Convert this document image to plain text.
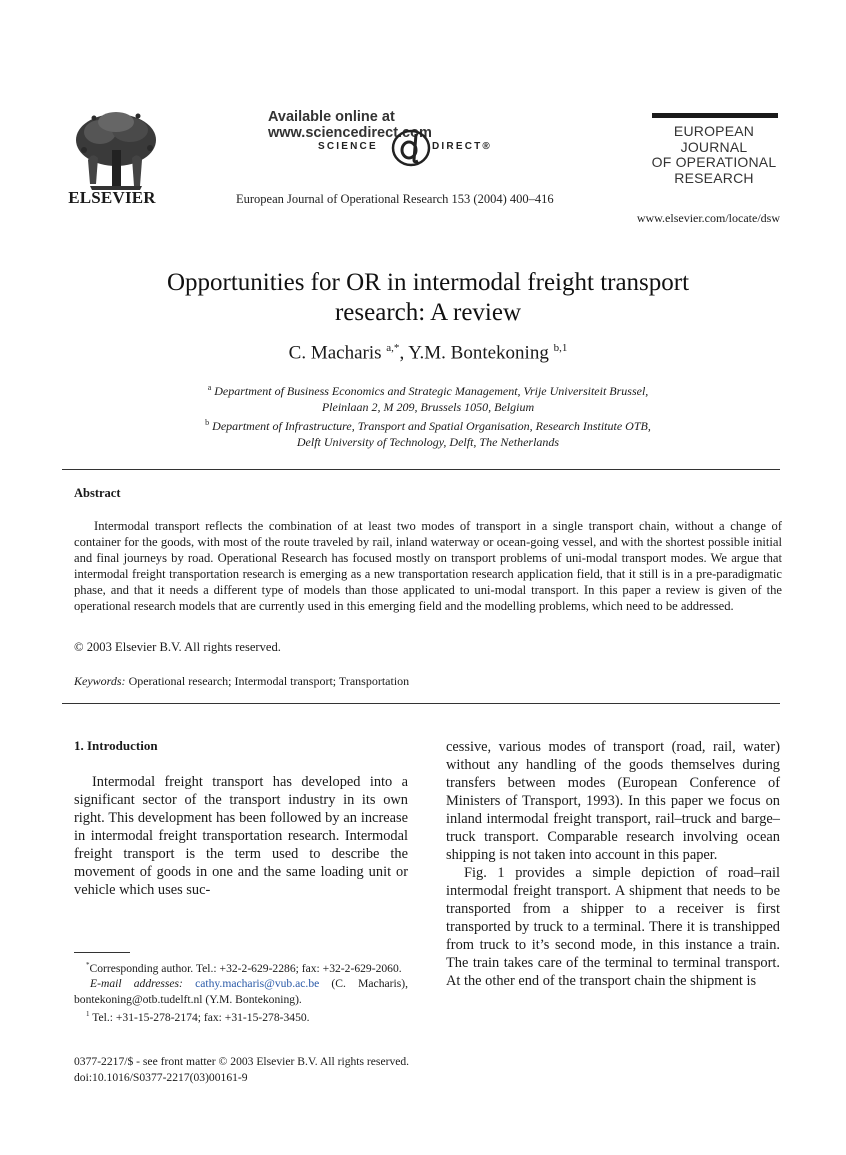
ELSEVIER
Available online at www.sciencedirect.com
SCIENCE	DIRECT®
European Journal of Operational Research 153 (2004) 400–416
EUROPEAN
JOURNAL
OF OPERATIONAL
RESEARCH
www.elsevier.com/locate/dsw
Opportunities for OR in intermodal freight transport
research: A review
C. Macharis $^{a,*}$, Y.M. Bontekoning $^{b,1}$
$^a$ Department of Business Economics and Strategic Management, Vrije Universiteit Brussel,
Pleinlaan 2, M 209, Brussels 1050, Belgium
$^b$ Department of Infrastructure, Transport and Spatial Organisation, Research Institute OTB,
Delft University of Technology, Delft, The Netherlands
Abstract

Intermodal transport reflects the combination of at least two modes of transport in a single transport chain, without a change of container for the goods, with most of the route traveled by rail, inland waterway or ocean-going vessel, and with the shortest possible initial and final journeys by road. Operational Research has focused mostly on transport problems of uni-modal transport modes. We argue that intermodal freight transportation research is emerging as a new transportation research application field, that it still is in a pre-paradigmatic phase, and that it needs a different type of models than those applicated to uni-modal transport. In this paper a review is given of the operational research models that are currently used in this emerging field and the modelling problems, which need to be addressed.

© 2003 Elsevier B.V. All rights reserved.
Keywords: Operational research; Intermodal transport; Transportation
1. Introduction

Intermodal freight transport has developed into a significant sector of the transport industry in its own right. This development has been followed by an increase in intermodal freight transportation research. Intermodal freight transport is the term used to describe the movement of goods in one and the same loading unit or vehicle which uses suc-

cessive, various modes of transport (road, rail, water) without any handling of the goods themselves during transfers between modes (European Conference of Ministers of Transport, 1993). In this paper we focus on inland intermodal freight transport, rail–truck and barge–truck transport. Comparable research involving ocean shipping is not taken into account in this paper.

Fig. 1 provides a simple depiction of road–rail intermodal freight transport. A shipment that needs to be transported from a shipper to a receiver is first transported by truck to a terminal. There it is transhipped from truck to it’s second mode, in this instance a train. The train takes care of the terminal to terminal transport. At the other end of the transport chain the shipment is

*Corresponding author. Tel.: +32-2-629-2286; fax: +32-2-629-2060.

E-mail addresses: cathy.macharis@vub.ac.be (C. Macharis), bontekoning@otb.tudelft.nl (Y.M. Bontekoning).

$^1$ Tel.: +31-15-278-2174; fax: +31-15-278-3450.

0377-2217/$ - see front matter © 2003 Elsevier B.V. All rights reserved.
doi:10.1016/S0377-2217(03)00161-9
